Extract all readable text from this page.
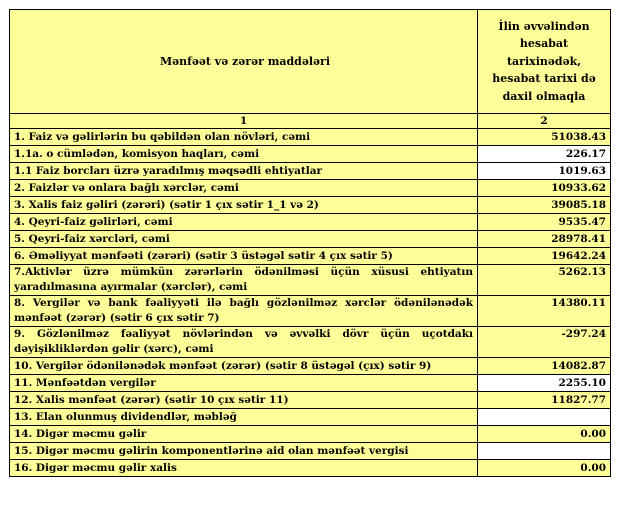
Mənfəət və zərər maddələri	İlin əvvəlindən hesabat tarixinədək, hesabat tarixi də daxil olmaqla
1	2
1. Faiz və gəlirlərin bu qəbildən olan növləri, cəmi	51038.43
1.1a. o cümlədən, komisyon haqları, cəmi	226.17
1.1 Faiz borcları üzrə yaradılmış məqsədli ehtiyatlar	1019.63
2. Faizlər və onlara bağlı xərclər, cəmi	10933.62
3. Xalis faiz gəliri (zərəri) (sətir 1 çıx sətir 1_1 və 2)	39085.18
4. Qeyri-faiz gəlirləri, cəmi	9535.47
5. Qeyri-faiz xərcləri, cəmi	28978.41
6. Əməliyyat mənfəəti (zərəri) (sətir 3 üstəgəl sətir 4 çıx sətir 5)	19642.24
7.Aktivlər üzrə mümkün zərərlərin ödənilməsi üçün xüsusi ehtiyatın yaradılmasına ayırmalar (xərclər), cəmi	5262.13
8. Vergilər və bank fəaliyyəti ilə bağlı gözlənilməz xərclər ödənilənədək mənfəət (zərər) (sətir 6 çıx sətir 7)	14380.11
9. Gözlənilməz fəaliyyət növlərindən və əvvəlki dövr üçün uçotdakı dəyişikliklərdən gəlir (xərc), cəmi	-297.24
10. Vergilər ödənilənədək mənfəət (zərər) (sətir 8 üstəgəl (çıx) sətir 9)	14082.87
11. Mənfəətdən vergilər	2255.10
12. Xalis mənfəət (zərər) (sətir 10 çıx sətir 11)	11827.77
13. Elan olunmuş dividendlər, məbləğ	
14. Digər məcmu gəlir	0.00
15. Digər məcmu gəlirin komponentlərinə aid olan mənfəət vergisi	
16. Digər məcmu gəlir xalis	0.00
